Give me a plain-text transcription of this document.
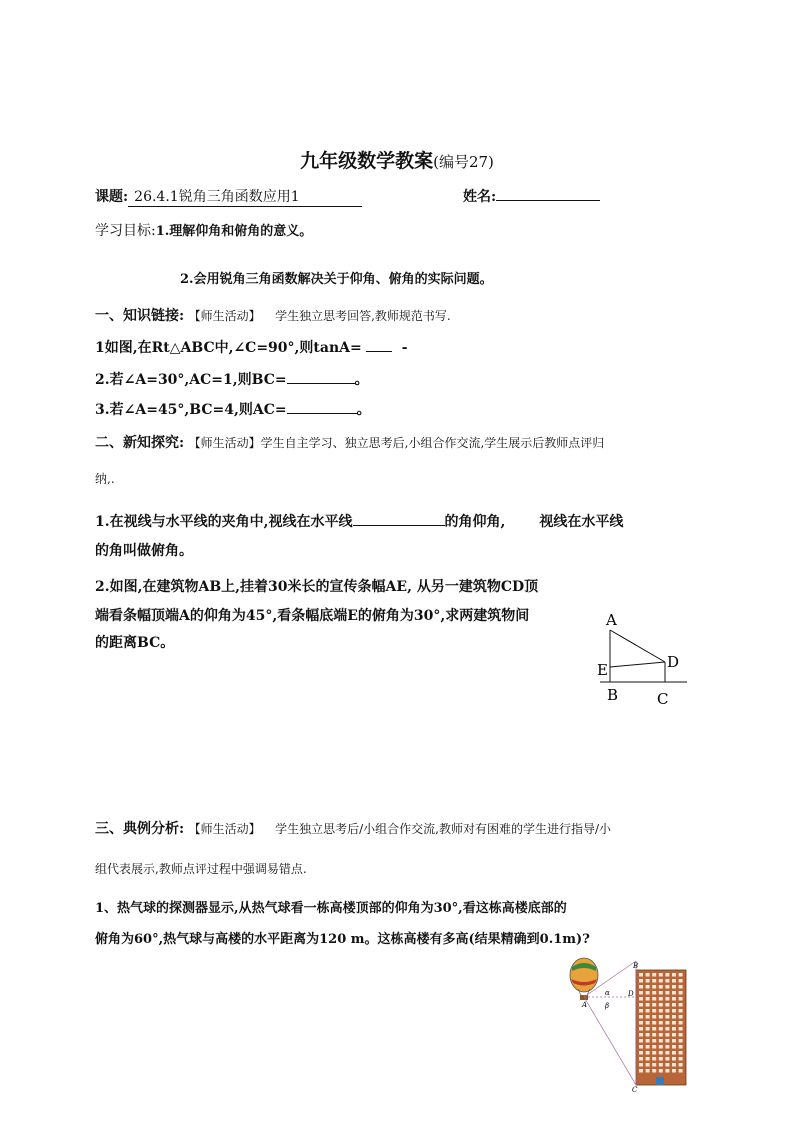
九年级数学教案(编号27)
课题: 26.4.1锐角三角函数应用1	姓名:
学习目标:1.理解仰角和俯角的意义。
2.会用锐角三角函数解决关于仰角、俯角的实际问题。
一、知识链接: 【师生活动】 学生独立思考回答,教师规范书写.
1如图,在Rt△ABC中,∠C=90°,则tanA=	-
2.若∠A=30°,AC=1,则BC=	。
3.若∠A=45°,BC=4,则AC=	。
二、新知探究: 【师生活动】学生自主学习、独立思考后,小组合作交流,学生展示后教师点评归
纳,.
1.在视线与水平线的夹角中,视线在水平线	的角仰角, 视线在水平线
的角叫做俯角。
2.如图,在建筑物AB上,挂着30米长的宣传条幅AE, 从另一建筑物CD顶
端看条幅顶端A的仰角为45°,看条幅底端E的俯角为30°,求两建筑物间
的距离BC。
A
E	D
B	C
三、典例分析: 【师生活动】 学生独立思考后/小组合作交流,教师对有困难的学生进行指导/小
组代表展示,教师点评过程中强调易错点.
1、热气球的探测器显示,从热气球看一栋高楼顶部的仰角为30°,看这栋高楼底部的
俯角为60°,热气球与高楼的水平距离为120 m。这栋高楼有多高(结果精确到0.1m)?
B
A
D
C
α
β
